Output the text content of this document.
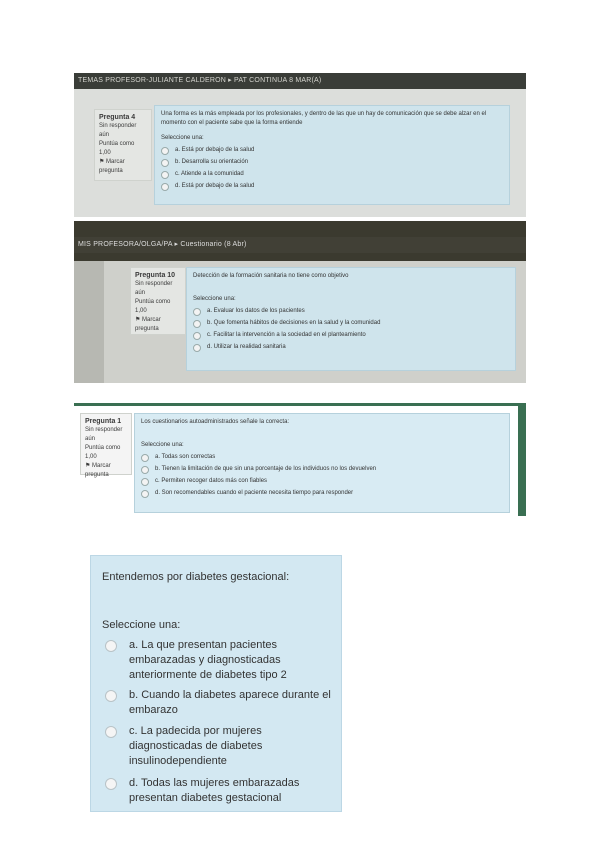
TEMAS PROFESOR-JULIANTE CALDERON ▸ PAT CONTINUA 8 MAR(A)
Pregunta 4
Sin responder aún
Puntúa como 1,00
⚑ Marcar pregunta
Una forma es la más empleada por los profesionales, y dentro de las que un hay de comunicación que se debe alzar en el momento con el paciente sabe que la forma entiende
Seleccione una:
a. Está por debajo de la salud
b. Desarrolla su orientación
c. Atiende a la comunidad
d. Está por debajo de la salud
MIS PROFESORA/OLGA/PA ▸ Cuestionario (8 Abr)
Pregunta 10
Sin responder aún
Puntúa como 1,00
⚑ Marcar pregunta
Detección de la formación sanitaria no tiene como objetivo
Seleccione una:
a. Evaluar los datos de los pacientes
b. Que fomenta hábitos de decisiones en la salud y la comunidad
c. Facilitar la intervención a la sociedad en el planteamiento
d. Utilizar la realidad sanitaria
Pregunta 1
Sin responder aún
Puntúa como 1,00
⚑ Marcar pregunta
Los cuestionarios autoadministrados señale la correcta:
Seleccione una:
a. Todas son correctas
b. Tienen la limitación de que sin una porcentaje de los individuos no los devuelven
c. Permiten recoger datos más con fiables
d. Son recomendables cuando el paciente necesita tiempo para responder
Entendemos por diabetes gestacional:
Seleccione una:
a. La que presentan pacientes embarazadas y diagnosticadas anteriormente de diabetes tipo 2
b. Cuando la diabetes aparece durante el embarazo
c. La padecida por mujeres diagnosticadas de diabetes insulinodependiente
d. Todas las mujeres embarazadas presentan diabetes gestacional
